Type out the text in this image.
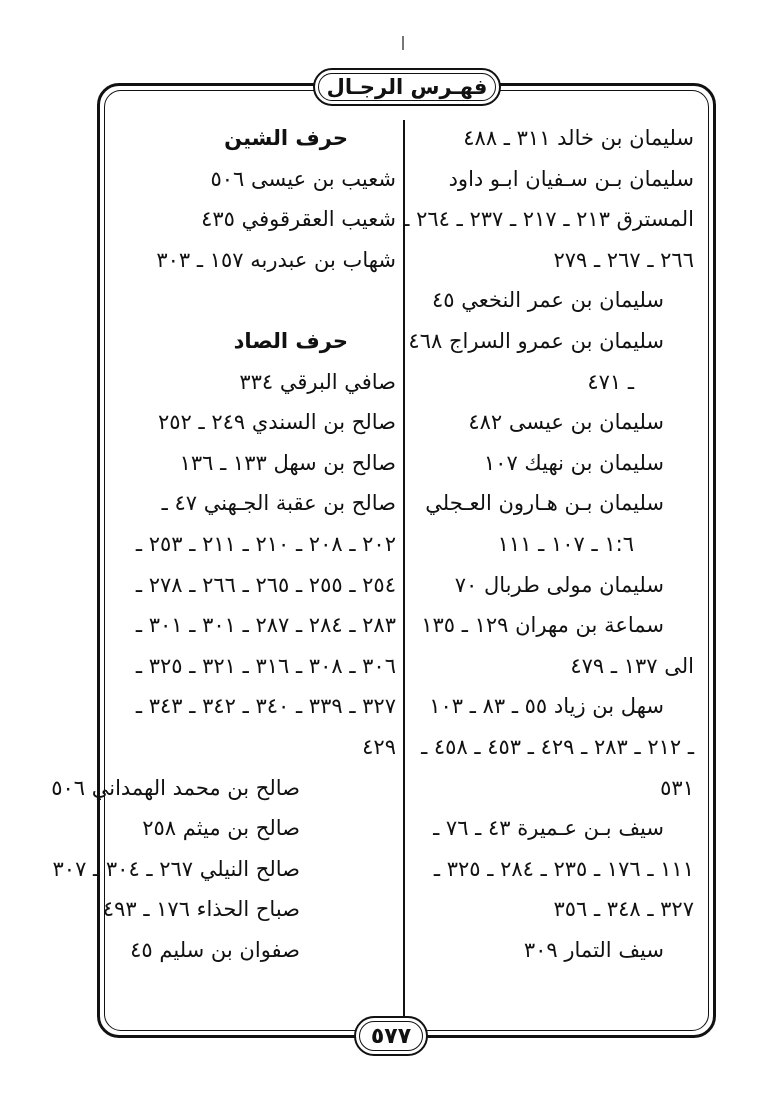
فهـرس الرجـال
سليمان بن خالد ٣١١ ـ ٤٨٨
سليمان بـن سـفيان ابـو داود
المسترق ٢١٣ ـ ٢١٧ ـ ٢٣٧ ـ ٢٦٤ ـ
٢٦٦ ـ ٢٦٧ ـ ٢٧٩
سليمان بن عمر النخعي ٤٥
سليمان بن عمرو السراج ٤٦٨
ـ ٤٧١
سليمان بن عيسى ٤٨٢
سليمان بن نهيك ١٠٧
سليمان بـن هـارون العـجلي
١:٦ ـ ١٠٧ ـ ١١١
سليمان مولى طربال ٧٠
سماعة بن مهران ١٢٩ ـ ١٣٥
الى ١٣٧ ـ ٤٧٩
سهل بن زياد ٥٥ ـ ٨٣ ـ ١٠٣
ـ ٢١٢ ـ ٢٨٣ ـ ٤٢٩ ـ ٤٥٣ ـ ٤٥٨ ـ
٥٣١
سيف بـن عـميرة ٤٣ ـ ٧٦ ـ
١١١ ـ ١٧٦ ـ ٢٣٥ ـ ٢٨٤ ـ ٣٢٥ ـ
٣٢٧ ـ ٣٤٨ ـ ٣٥٦
سيف التمار ٣٠٩
حرف الشين
شعيب بن عيسى ٥٠٦
شعيب العقرقوفي ٤٣٥
شهاب بن عبدربه ١٥٧ ـ ٣٠٣
حرف الصاد
صافي البرقي ٣٣٤
صالح بن السندي ٢٤٩ ـ ٢٥٢
صالح بن سهل ١٣٣ ـ ١٣٦
صالح بن عقبة الجـهني ٤٧ ـ
٢٠٢ ـ ٢٠٨ ـ ٢١٠ ـ ٢١١ ـ ٢٥٣ ـ
٢٥٤ ـ ٢٥٥ ـ ٢٦٥ ـ ٢٦٦ ـ ٢٧٨ ـ
٢٨٣ ـ ٢٨٤ ـ ٢٨٧ ـ ٣٠١ ـ ٣٠١ ـ
٣٠٦ ـ ٣٠٨ ـ ٣١٦ ـ ٣٢١ ـ ٣٢٥ ـ
٣٢٧ ـ ٣٣٩ ـ ٣٤٠ ـ ٣٤٢ ـ ٣٤٣ ـ
٤٢٩
صالح بن محمد الهمداني ٥٠٦
صالح بن ميثم ٢٥٨
صالح النيلي ٢٦٧ ـ ٣٠٤ ـ ٣٠٧
صباح الحذاء ١٧٦ ـ ٤٩٣
صفوان بن سليم ٤٥
٥٧٧
